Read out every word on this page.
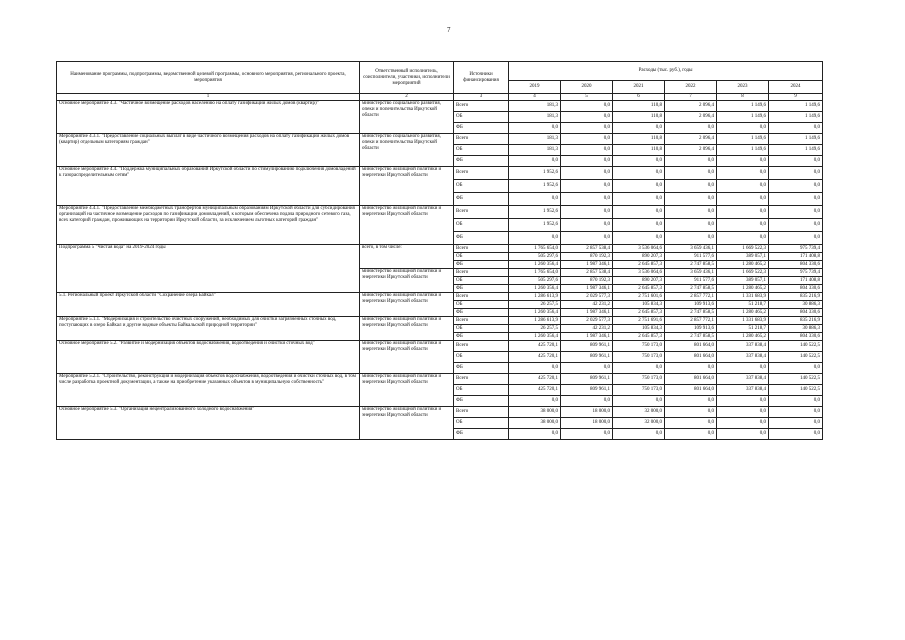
7
Наименование программы, подпрограммы, ведомственной целевой программы, основного мероприятия, регионального проекта, мероприятия	Ответственный исполнитель, соисполнители, участники, исполнители мероприятий	Источники финансирования	Расходы (тыс. руб.), годы					
			2019	2020	2021	2022	2023	2024
1	2	3	4	5	6	7	8	9
Основное мероприятие 4.3. "Частичное возмещение расходов населению на оплату газификации жилых домов (квартир)"	министерство социального развития, опеки и попечительства Иркутской области	Всего	181,3	0,0	110,8	2 096,4	1 149,6	1 149,6
		ОБ	181,3	0,0	110,8	2 096,4	1 149,6	1 149,6
		ФБ	0,0	0,0	0,0	0,0	0,0	0,0
Мероприятие 4.3.1. "Предоставление социальных выплат в виде частичного возмещения расходов на оплату газификации жилых домов (квартир) отдельным категориям граждан"	министерство социального развития, опеки и попечительства Иркутской области	Всего	181,3	0,0	110,8	2 096,4	1 149,6	1 149,6
		ОБ	181,3	0,0	110,8	2 096,4	1 149,6	1 149,6
		ФБ	0,0	0,0	0,0	0,0	0,0	0,0
Основное мероприятие 4.4. "Поддержка муниципальных образований Иркутской области по стимулированию подключения домовладений к газораспределительным сетям"	министерство жилищной политики и энергетики Иркутской области	Всего	1 952,6	0,0	0,0	0,0	0,0	0,0
		ОБ	1 952,6	0,0	0,0	0,0	0,0	0,0
		ФБ	0,0	0,0	0,0	0,0	0,0	0,0
Мероприятие 4.4.1. "Предоставление межбюджетных трансфертов муниципальным образованиям Иркутской области для субсидирования организаций на частичное возмещение расходов по газификации домовладений, к которым обеспечена подача природного сетевого газа, всех категорий граждан, проживающих на территории Иркутской области, за исключением льготных категорий граждан"	министерство жилищной политики и энергетики Иркутской области	Всего	1 952,6	0,0	0,0	0,0	0,0	0,0
		ОБ	1 952,6	0,0	0,0	0,0	0,0	0,0
		ФБ	0,0	0,0	0,0	0,0	0,0	0,0
Подпрограмма 5 "Чистая вода" на 2019-2024 годы	всего, в том числе:	Всего	1 765 654,0	2 857 538,4	3 536 064,6	3 659 436,1	1 669 522,3	975 739,4
		ОБ	505 297,6	870 192,3	890 207,3	911 577,6	389 057,1	171 408,8
		ФБ	1 260 356,4	1 987 346,1	2 645 857,3	2 747 858,5	1 280 465,2	804 330,6
	министерство жилищной политики и энергетики Иркутской области	Всего	1 765 654,0	2 857 538,4	3 536 064,6	3 659 436,1	1 669 522,3	975 739,4
		ОБ	505 297,6	870 192,3	890 207,3	911 577,6	389 057,1	171 408,8
		ФБ	1 260 356,4	1 987 346,1	2 645 857,3	2 747 858,5	1 280 465,2	804 330,6
5.1. Региональный проект Иркутской области "Сохранение озера Байкал"	министерство жилищной политики и энергетики Иркутской области	Всего	1 286 613,9	2 029 577,3	2 751 601,6	2 857 772,1	1 331 683,9	835 216,9
		ОБ	26 257,5	42 231,2	105 834,3	109 913,6	51 218,7	30 886,3
		ФБ	1 260 356,4	1 987 346,1	2 645 857,3	2 747 858,5	1 280 465,2	804 330,6
Мероприятие 5.1.1. "Модернизация и строительство очистных сооружений, необходимых для очистки загрязненных сточных вод, поступающих в озеро Байкал и другие водные объекты Байкальской природной территории"	министерство жилищной политики и энергетики Иркутской области	Всего	1 286 613,9	2 029 577,3	2 751 691,6	2 857 772,1	1 331 683,9	835 216,9
		ОБ	26 257,5	42 231,2	105 834,3	109 913,6	51 218,7	30 886,3
		ФБ	1 260 356,4	1 987 346,1	2 645 857,3	2 747 858,5	1 280 465,2	804 330,6
Основное мероприятие 5.2. "Развитие и модернизация объектов водоснабжения, водоотведения и очистки сточных вод"	министерство жилищной политики и энергетики Иркутской области	Всего	425 720,1	809 961,1	750 173,0	801 664,0	337 838,4	140 522,5
		ОБ	425 720,1	809 961,1	750 173,0	801 664,0	337 838,4	140 522,5
		ФБ	0,0	0,0	0,0	0,0	0,0	0,0
Мероприятие 5.2.1. "Строительство, реконструкция и модернизация объектов водоснабжения, водоотведения и очистки сточных вод, в том числе разработка проектной документации, а также на приобретение указанных объектов в муниципальную собственность"	министерство жилищной политики и энергетики Иркутской области	Всего	425 720,1	809 961,1	750 173,0	801 664,0	337 838,4	140 522,5
		ОБ	425 720,1	809 961,1	750 173,0	801 664,0	337 838,4	140 522,5
		ФБ	0,0	0,0	0,0	0,0	0,0	0,0
Основное мероприятие 5.3. "Организация нецентрализованного холодного водоснабжения"	министерство жилищной политики и энергетики Иркутской области	Всего	38 000,0	18 000,0	32 000,0	0,0	0,0	0,0
		ОБ	38 000,0	18 000,0	32 000,0	0,0	0,0	0,0
		ФБ	0,0	0,0	0,0	0,0	0,0	0,0
